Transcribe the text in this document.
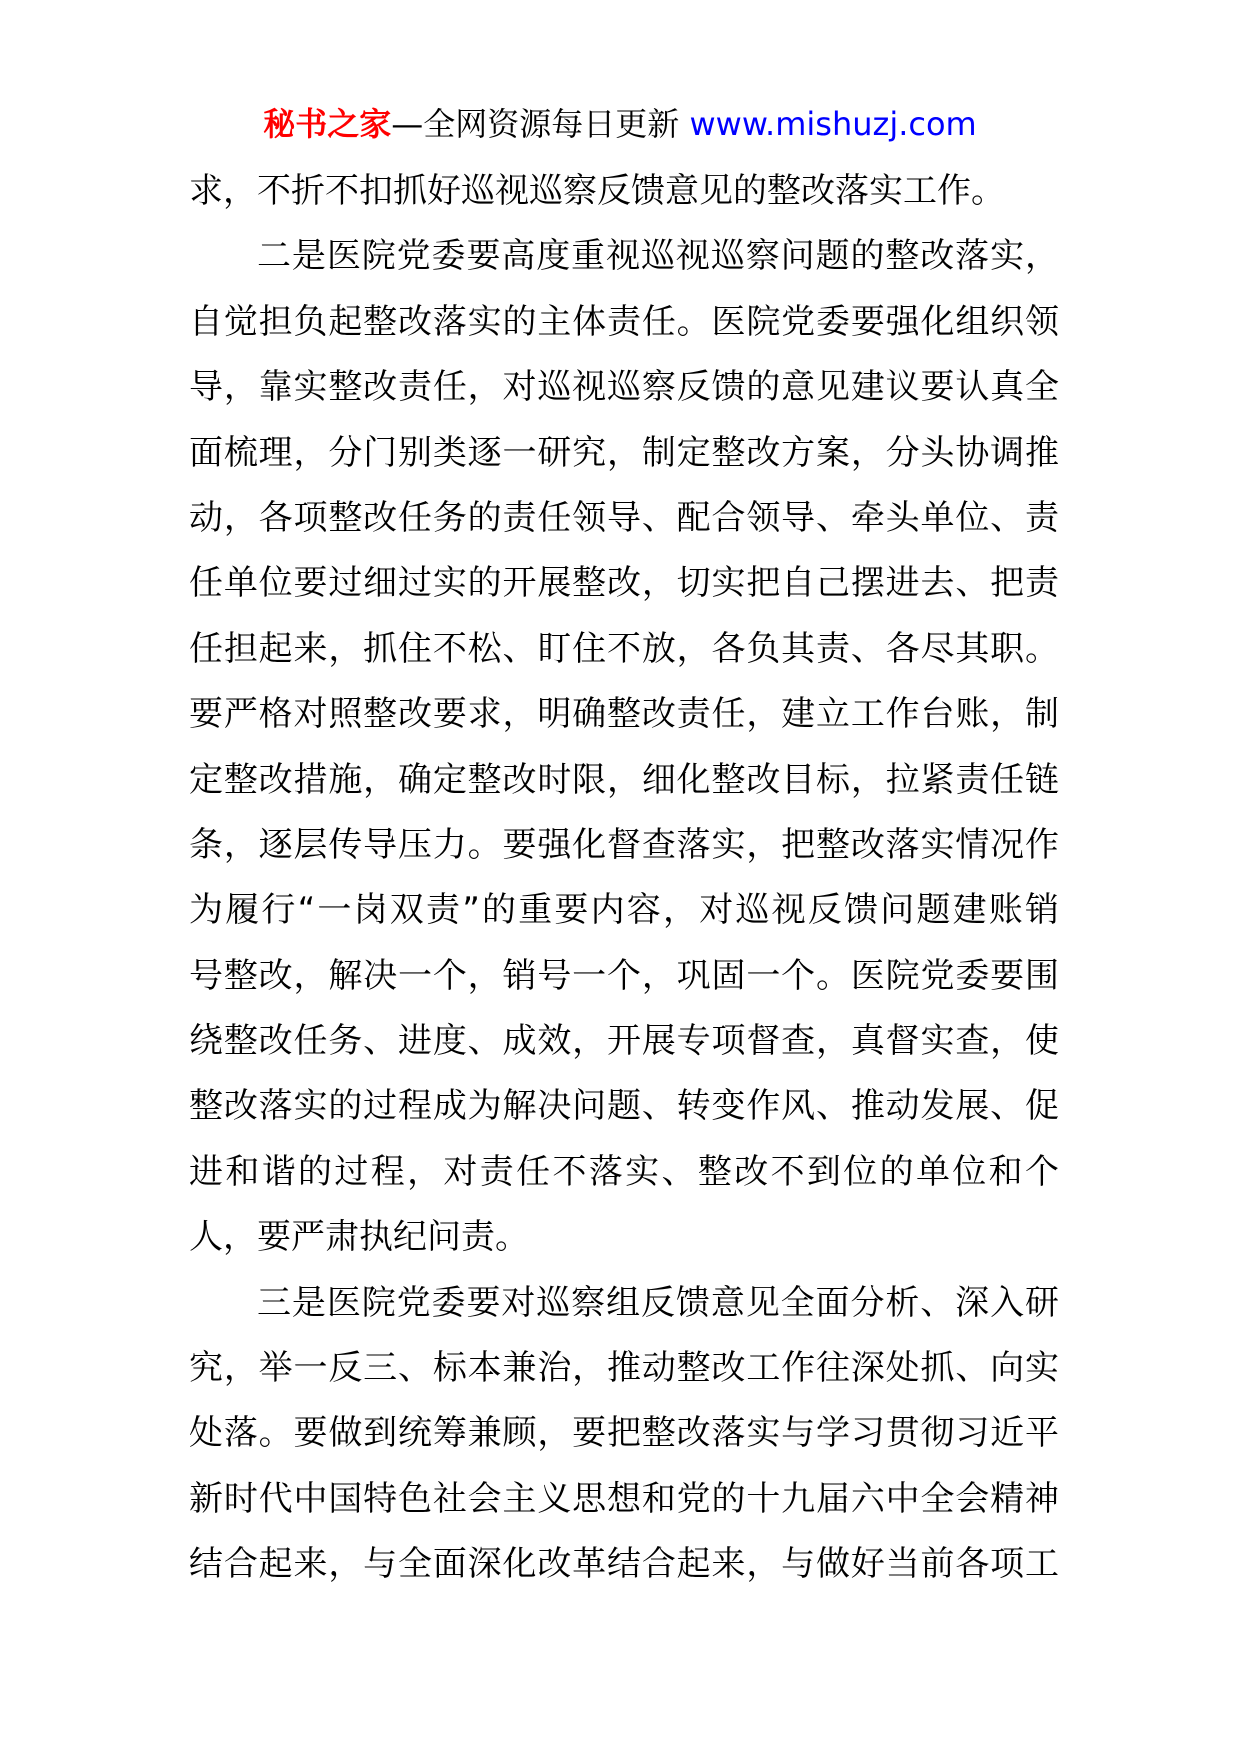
秘书之家—全网资源每日更新 www.mishuzj.com
求，不折不扣抓好巡视巡察反馈意见的整改落实工作。
二是医院党委要高度重视巡视巡察问题的整改落实，
自觉担负起整改落实的主体责任。医院党委要强化组织领
导，靠实整改责任，对巡视巡察反馈的意见建议要认真全
面梳理，分门别类逐一研究，制定整改方案，分头协调推
动，各项整改任务的责任领导、配合领导、牵头单位、责
任单位要过细过实的开展整改，切实把自己摆进去、把责
任担起来，抓住不松、盯住不放，各负其责、各尽其职。
要严格对照整改要求，明确整改责任，建立工作台账，制
定整改措施，确定整改时限，细化整改目标，拉紧责任链
条，逐层传导压力。要强化督查落实，把整改落实情况作
为履行“一岗双责”的重要内容，对巡视反馈问题建账销
号整改，解决一个，销号一个，巩固一个。医院党委要围
绕整改任务、进度、成效，开展专项督查，真督实查，使
整改落实的过程成为解决问题、转变作风、推动发展、促
进和谐的过程，对责任不落实、整改不到位的单位和个
人，要严肃执纪问责。
三是医院党委要对巡察组反馈意见全面分析、深入研
究，举一反三、标本兼治，推动整改工作往深处抓、向实
处落。要做到统筹兼顾，要把整改落实与学习贯彻习近平
新时代中国特色社会主义思想和党的十九届六中全会精神
结合起来，与全面深化改革结合起来，与做好当前各项工
